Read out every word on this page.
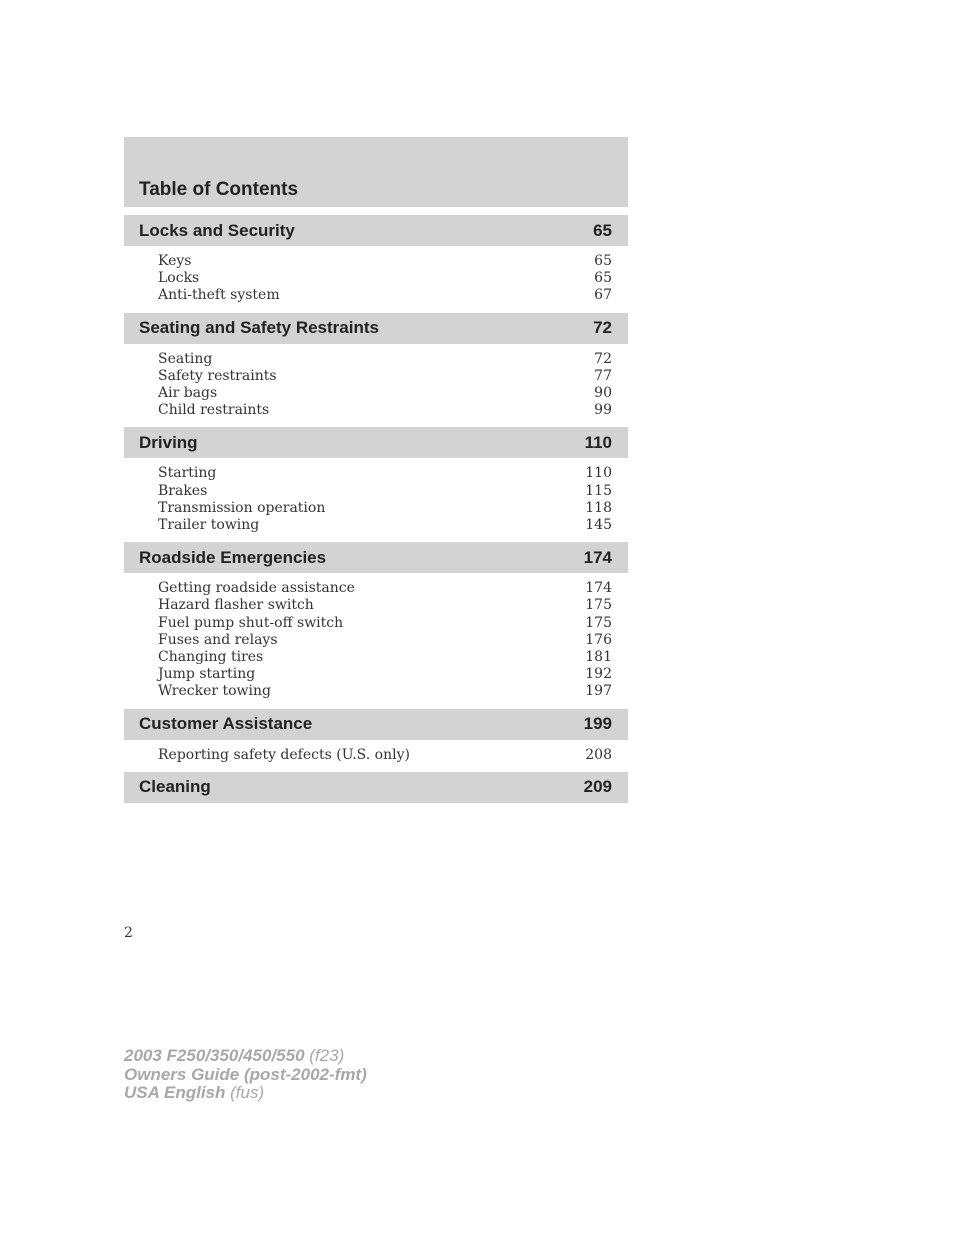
Table of Contents
Locks and Security	65
Keys	65
Locks	65
Anti-theft system	67
Seating and Safety Restraints	72
Seating	72
Safety restraints	77
Air bags	90
Child restraints	99
Driving	110
Starting	110
Brakes	115
Transmission operation	118
Trailer towing	145
Roadside Emergencies	174
Getting roadside assistance	174
Hazard flasher switch	175
Fuel pump shut-off switch	175
Fuses and relays	176
Changing tires	181
Jump starting	192
Wrecker towing	197
Customer Assistance	199
Reporting safety defects (U.S. only)	208
Cleaning	209
2
2003 F250/350/450/550 (f23)
Owners Guide (post-2002-fmt)
USA English (fus)
